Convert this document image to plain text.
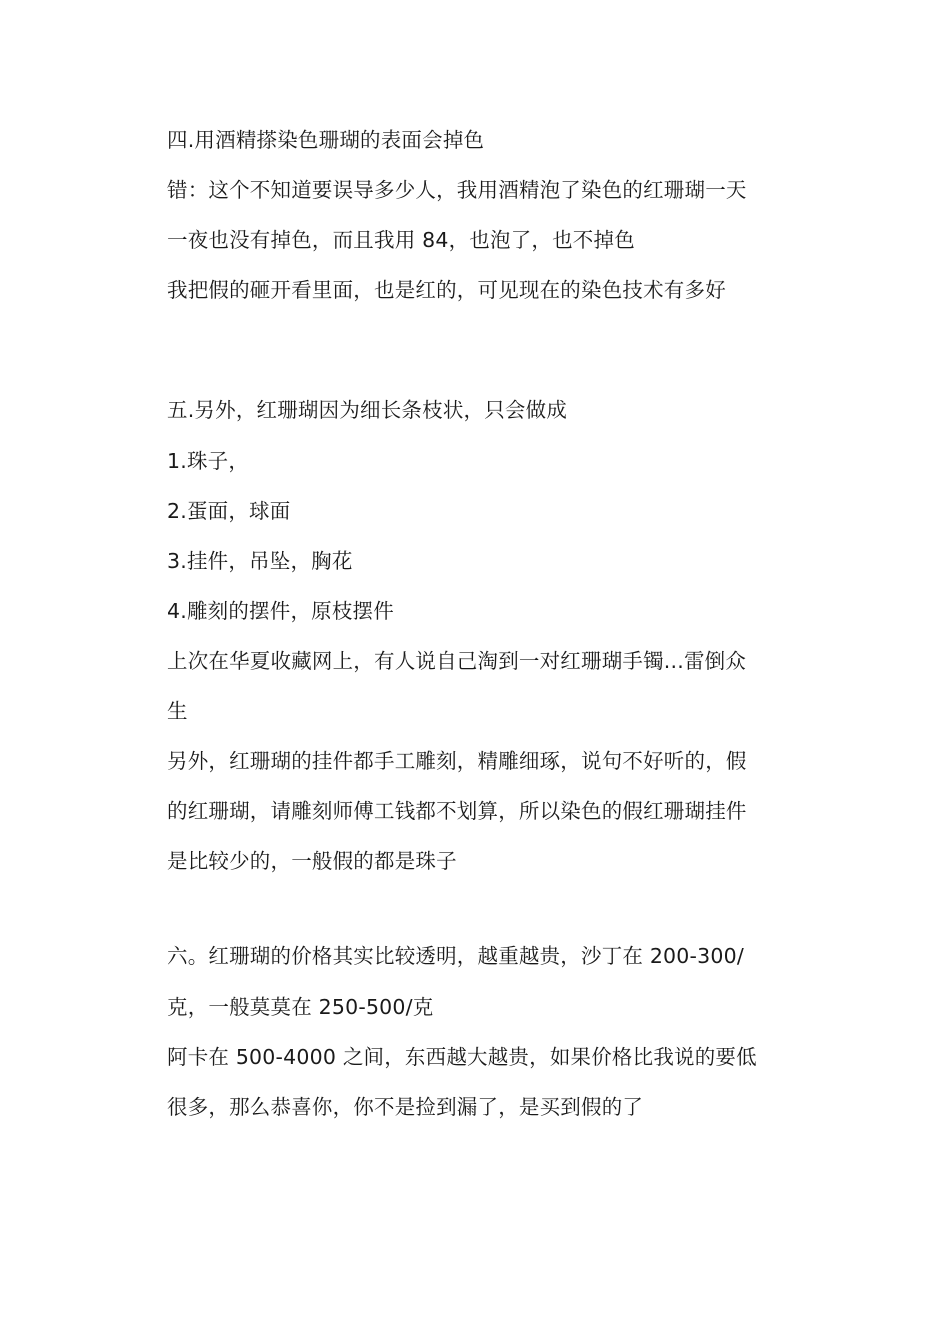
四.用酒精搽染色珊瑚的表面会掉色
错：这个不知道要误导多少人，我用酒精泡了染色的红珊瑚一天
一夜也没有掉色，而且我用 84，也泡了，也不掉色
我把假的砸开看里面，也是红的，可见现在的染色技术有多好
五.另外，红珊瑚因为细长条枝状，只会做成
1.珠子，
2.蛋面，球面
3.挂件，吊坠，胸花
4.雕刻的摆件，原枝摆件
上次在华夏收藏网上，有人说自己淘到一对红珊瑚手镯...雷倒众
生
另外，红珊瑚的挂件都手工雕刻，精雕细琢，说句不好听的，假
的红珊瑚，请雕刻师傅工钱都不划算，所以染色的假红珊瑚挂件
是比较少的，一般假的都是珠子
六。红珊瑚的价格其实比较透明，越重越贵，沙丁在 200-300/
克，一般莫莫在 250-500/克
阿卡在 500-4000 之间，东西越大越贵，如果价格比我说的要低
很多，那么恭喜你，你不是捡到漏了，是买到假的了
